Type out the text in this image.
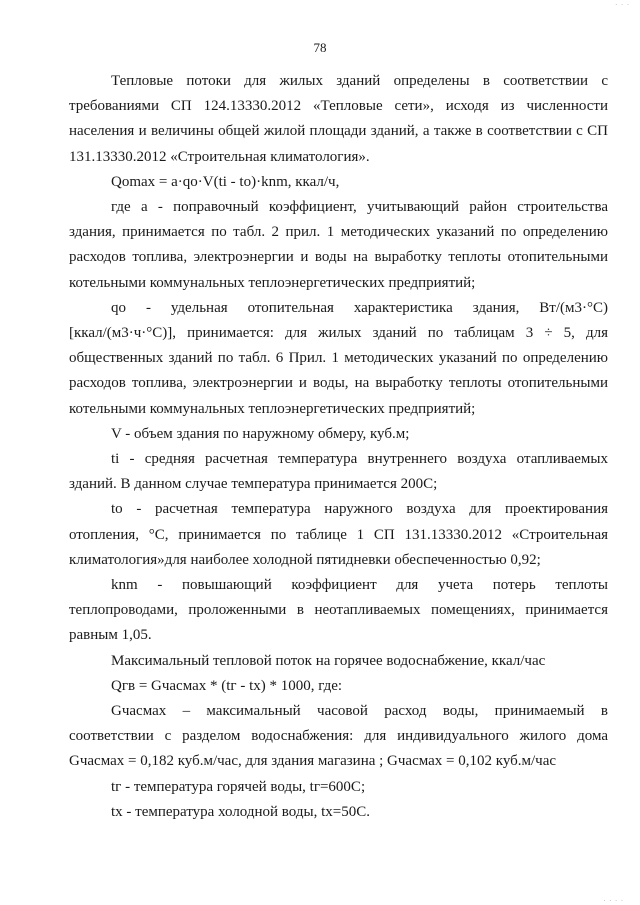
78

Тепловые потоки для жилых зданий определены в соответствии с требованиями СП 124.13330.2012 «Тепловые сети», исходя из численности населения и величины общей жилой площади зданий, а также в соответствии с СП 131.13330.2012 «Строительная климатология».

Qomax = a·qo·V(ti - to)·knm, ккал/ч,

где a - поправочный коэффициент, учитывающий район строительства здания, принимается по табл. 2 прил. 1 методических указаний по определению расходов топлива, электроэнергии и воды на выработку теплоты отопительными котельными коммунальных теплоэнергетических предприятий;

qo - удельная отопительная характеристика здания, Вт/(м3·°С) [ккал/(м3·ч·°С)], принимается: для жилых зданий по таблицам 3 ÷ 5, для общественных зданий по табл. 6 Прил. 1 методических указаний по определению расходов топлива, электроэнергии и воды, на выработку теплоты отопительными котельными коммунальных теплоэнергетических предприятий;

V - объем здания по наружному обмеру, куб.м;

ti - средняя расчетная температура внутреннего воздуха отапливаемых зданий. В данном случае температура принимается 200С;

to - расчетная температура наружного воздуха для проектирования отопления, °С, принимается по таблице 1 СП 131.13330.2012 «Строительная климатология»для наиболее холодной пятидневки обеспеченностью 0,92;

knm - повышающий коэффициент для учета потерь теплоты теплопроводами, проложенными в неотапливаемых помещениях, принимается равным 1,05.

Максимальный тепловой поток на горячее водоснабжение, ккал/час

Qгв = Gчасмах * (tг - tx) * 1000, где:

Gчасмах – максимальный часовой расход воды, принимаемый в соответствии с разделом водоснабжения: для индивидуального жилого дома Gчасмах = 0,182 куб.м/час, для здания магазина ; Gчасмах = 0,102 куб.м/час

tг - температура горячей воды, tг=600С;

tх - температура холодной воды, tх=50С.

. . .
. . . .
